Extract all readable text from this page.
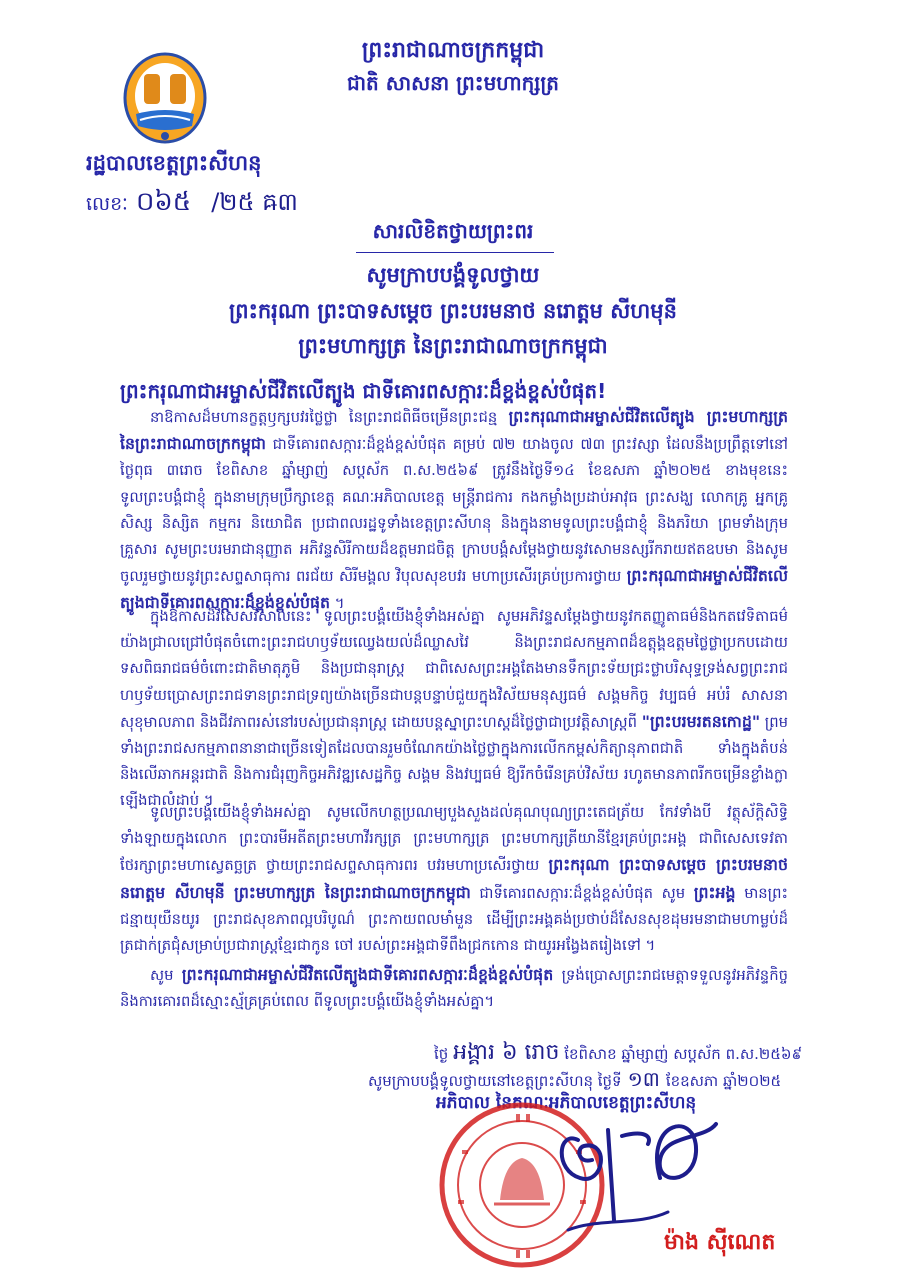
ព្រះរាជាណាចក្រកម្ពុជា
ជាតិ សាសនា ព្រះមហាក្សត្រ
រដ្ឋបាលខេត្តព្រះសីហនុ
លេខៈ ០៦៥ /២៥ ឝ៣
សារលិខិតថ្វាយព្រះពរ
សូមក្រាបបង្គំទូលថ្វាយ
ព្រះករុណា ព្រះបាទសម្តេច ព្រះបរមនាថ នរោត្តម សីហមុនី
ព្រះមហាក្សត្រ នៃព្រះរាជាណាចក្រកម្ពុជា
ព្រះករុណាជាអម្ចាស់ជីវិតលើត្បូង ជាទីគោរពសក្ការៈដ៏ខ្ពង់ខ្ពស់បំផុត!
នាឱកាសដ៏មហានក្ខត្តឫក្សបវរថ្លៃថ្លា នៃព្រះរាជពិធីចម្រើនព្រះជន្ម ព្រះករុណាជាអម្ចាស់ជីវិតលើត្បូង ព្រះមហាក្សត្រ នៃព្រះរាជាណាចក្រកម្ពុជា ជាទីគោរពសក្ការៈដ៏ខ្ពង់ខ្ពស់បំផុត គម្រប់ ៧២ យាងចូល ៧៣ ព្រះវស្សា ដែលនឹងប្រព្រឹត្តទៅនៅថ្ងៃពុធ ៣រោច ខែពិសាខ ឆ្នាំម្សាញ់ សប្តស័ក ព.ស.២៥៦៩ ត្រូវនឹងថ្ងៃទី១៤ ខែឧសភា ឆ្នាំ២០២៥ ខាងមុខនេះ ទូលព្រះបង្គំជាខ្ញុំ ក្នុងនាមក្រុមប្រឹក្សាខេត្ត គណៈអភិបាលខេត្ត មន្ត្រីរាជការ កងកម្លាំងប្រដាប់អាវុធ ព្រះសង្ឃ លោកគ្រូ អ្នកគ្រូ សិស្ស និស្សិត កម្មករ និយោជិត ប្រជាពលរដ្ឋទូទាំងខេត្តព្រះសីហនុ និងក្នុងនាមទូលព្រះបង្គំជាខ្ញុំ និងភរិយា ព្រមទាំងក្រុមគ្រួសារ សូមព្រះបរមរាជានុញ្ញាត អភិវន្ទសិរីកាយដ៏ឧត្តមរាជចិត្ត ក្រាបបង្គំសម្តែងថ្វាយនូវសោមនស្សរីករាយឥតឧបមា និងសូមចូលរួមថ្វាយនូវព្រះសព្ទសាធុការ ពរជ័យ សិរីមង្គល វិបុលសុខបវរ មហាប្រសើរគ្រប់ប្រការថ្វាយ ព្រះករុណាជាអម្ចាស់ជីវិតលើត្បូងជាទីគោរពសក្ការៈដ៏ខ្ពង់ខ្ពស់បំផុត ។
ក្នុងឱកាសដ៏វិសេសវិសាលនេះ ទូលព្រះបង្គំយើងខ្ញុំទាំងអស់គ្នា សូមអភិវន្ទសម្តែងថ្វាយនូវកតញ្ញូតាធម៌និងកតវេទិតាធម៌យ៉ាងជ្រាលជ្រៅបំផុតចំពោះព្រះរាជហឫទ័យឈ្វេងយល់ដ៏ឈ្លាសវៃ និងព្រះរាជសកម្មភាពដ៏ឧត្តុង្គឧត្តមថ្លៃថ្លាប្រកបដោយទសពិធរាជធម៌ចំពោះជាតិមាតុភូមិ និងប្រជានុរាស្ត្រ ជាពិសេសព្រះអង្គតែងមានទឹកព្រះទ័យជ្រះថ្លាបរិសុទ្ធទ្រង់សព្វព្រះរាជហឫទ័យប្រោសព្រះរាជទានព្រះរាជទ្រព្យយ៉ាងច្រើនជាបន្តបន្ទាប់ជួយក្នុងវិស័យមនុស្សធម៌ សង្គមកិច្ច វប្បធម៌ អប់រំ សាសនា សុខុមាលភាព និងជីវភាពរស់នៅរបស់ប្រជានុរាស្ត្រ ដោយបន្តស្នាព្រះហស្តដ៏ថ្លៃថ្លាជាប្រវត្តិសាស្ត្រពី "ព្រះបរមរតនកោដ្ឋ" ព្រមទាំងព្រះរាជសកម្មភាពនានាជាច្រើនទៀតដែលបានរួមចំណែកយ៉ាងថ្លៃថ្លាក្នុងការលើកកម្ពស់កិត្យានុភាពជាតិ ទាំងក្នុងតំបន់ និងលើឆាកអន្តរជាតិ និងការជំរុញកិច្ចអភិវឌ្ឍសេដ្ឋកិច្ច សង្គម និងវប្បធម៌ ឱ្យរីកចំរើនគ្រប់វិស័យ រហូតមានភាពរីកចម្រើនខ្លាំងក្លាឡើងជាលំដាប់ ។
ទូលព្រះបង្គំយើងខ្ញុំទាំងអស់គ្នា សូមលើកហត្ថប្រណម្យបួងសួងដល់គុណបុណ្យព្រះតេជត្រ័យ កែវទាំងបី វត្ថុស័ក្តិសិទ្ធិទាំងឡាយក្នុងលោក ព្រះបារមីអតីតព្រះមហាវីរក្សត្រ ព្រះមហាក្សត្រ ព្រះមហាក្សត្រីយានីខ្មែរគ្រប់ព្រះអង្គ ជាពិសេសទេវតាថែរក្សាព្រះមហាស្វេតច្ឆត្រ ថ្វាយព្រះរាជសព្ទសាធុការពរ បវរមហាប្រសើរថ្វាយ ព្រះករុណា ព្រះបាទសម្តេច ព្រះបរមនាថ នរោត្តម សីហមុនី ព្រះមហាក្សត្រ នៃព្រះរាជាណាចក្រកម្ពុជា ជាទីគោរពសក្ការៈដ៏ខ្ពង់ខ្ពស់បំផុត សូម ព្រះអង្គ មានព្រះជន្មាយុយឺនយូរ ព្រះរាជសុខភាពល្អបរិបូណ៌ ព្រះកាយពលមាំមួន ដើម្បីព្រះអង្គគង់ប្រថាប់ដ៏សែនសុខដុមរមនាជាមហាម្លប់ដ៏ត្រជាក់ត្រជុំសម្រាប់ប្រជារាស្ត្រខ្មែរជាកូន ចៅ របស់ព្រះអង្គជាទីពឹងជ្រកកោន ជាយូរអង្វែងតរៀងទៅ ។
សូម ព្រះករុណាជាអម្ចាស់ជីវិតលើត្បូងជាទីគោរពសក្ការៈដ៏ខ្ពង់ខ្ពស់បំផុត ទ្រង់ប្រោសព្រះរាជមេត្តាទទួលនូវអភិវន្ទកិច្ច និងការគោរពដ៏ស្មោះស្ម័គ្រគ្រប់ពេល ពីទូលព្រះបង្គំយើងខ្ញុំទាំងអស់គ្នា។
ថ្ងៃ អង្គារ ៦ រោច ខែពិសាខ ឆ្នាំម្សាញ់ សប្តស័ក ព.ស.២៥៦៩
សូមក្រាបបង្គំទូលថ្វាយនៅខេត្តព្រះសីហនុ ថ្ងៃទី ១៣ ខែឧសភា ឆ្នាំ២០២៥
អភិបាល នៃគណៈអភិបាលខេត្តព្រះសីហនុ
ម៉ាង ស៊ីណេត
